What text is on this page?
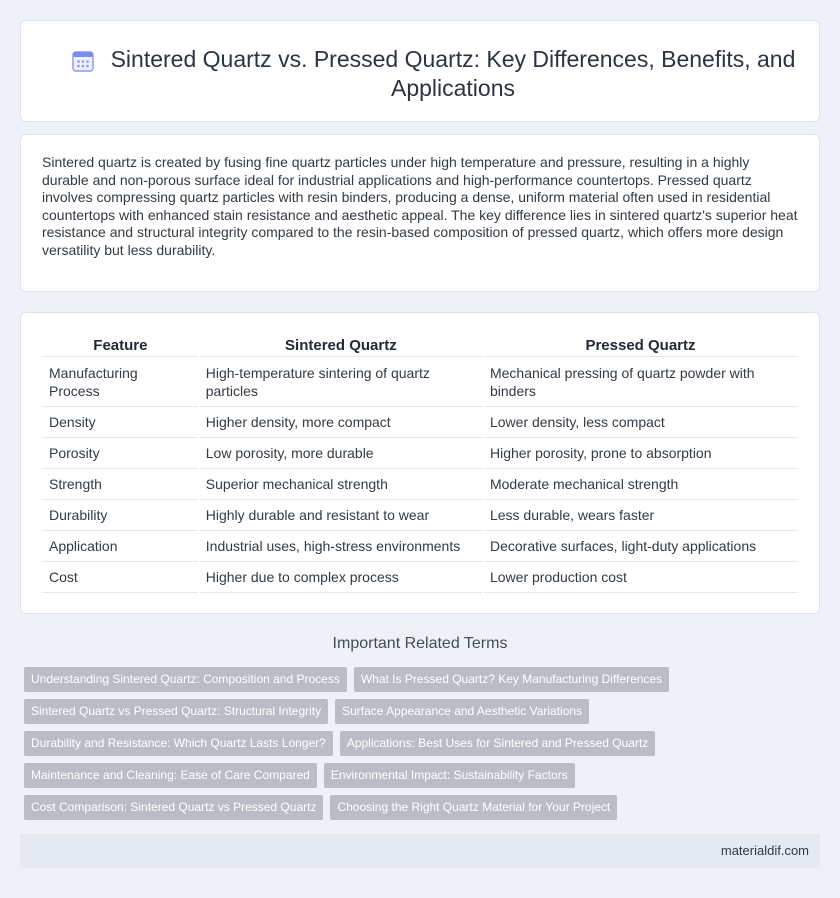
Sintered Quartz vs. Pressed Quartz: Key Differences, Benefits, and Applications

Sintered quartz is created by fusing fine quartz particles under high temperature and pressure, resulting in a highly durable and non-porous surface ideal for industrial applications and high-performance countertops. Pressed quartz involves compressing quartz particles with resin binders, producing a dense, uniform material often used in residential countertops with enhanced stain resistance and aesthetic appeal. The key difference lies in sintered quartz's superior heat resistance and structural integrity compared to the resin-based composition of pressed quartz, which offers more design versatility but less durability.

Feature	Sintered Quartz	Pressed Quartz
Manufacturing Process	High-temperature sintering of quartz particles	Mechanical pressing of quartz powder with binders
Density	Higher density, more compact	Lower density, less compact
Porosity	Low porosity, more durable	Higher porosity, prone to absorption
Strength	Superior mechanical strength	Moderate mechanical strength
Durability	Highly durable and resistant to wear	Less durable, wears faster
Application	Industrial uses, high-stress environments	Decorative surfaces, light-duty applications
Cost	Higher due to complex process	Lower production cost
Important Related Terms
Understanding Sintered Quartz: Composition and Process	What Is Pressed Quartz? Key Manufacturing Differences
Sintered Quartz vs Pressed Quartz: Structural Integrity	Surface Appearance and Aesthetic Variations
Durability and Resistance: Which Quartz Lasts Longer?	Applications: Best Uses for Sintered and Pressed Quartz
Maintenance and Cleaning: Ease of Care Compared	Environmental Impact: Sustainability Factors
Cost Comparison: Sintered Quartz vs Pressed Quartz	Choosing the Right Quartz Material for Your Project
materialdif.com
